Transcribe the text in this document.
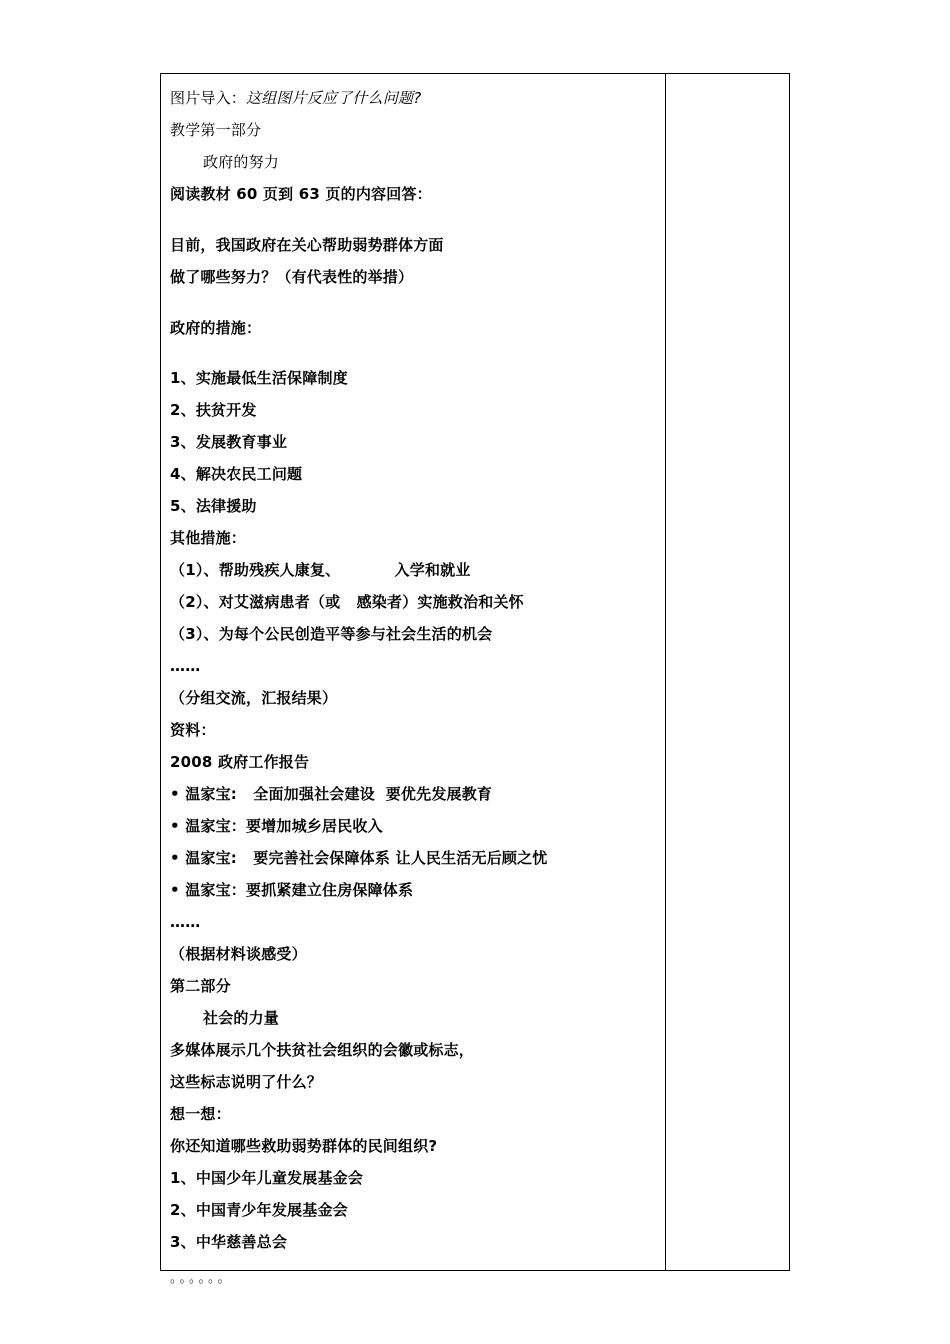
图片导入：这组图片反应了什么问题?
教学第一部分
政府的努力
阅读教材 60 页到 63 页的内容回答：
目前，我国政府在关心帮助弱势群体方面
做了哪些努力？（有代表性的举措）
政府的措施：
1、实施最低生活保障制度
2、扶贫开发
3、发展教育事业
4、解决农民工问题
5、法律援助
其他措施：
（1）、帮助残疾人康复、          入学和就业
（2）、对艾滋病患者（或   感染者）实施救治和关怀
（3）、为每个公民创造平等参与社会生活的机会
……
（分组交流，汇报结果）
资料：
2008 政府工作报告
• 温家宝:   全面加强社会建设  要优先发展教育
• 温家宝：要增加城乡居民收入
• 温家宝:   要完善社会保障体系 让人民生活无后顾之忧
• 温家宝：要抓紧建立住房保障体系
……
（根据材料谈感受）
第二部分
社会的力量
多媒体展示几个扶贫社会组织的会徽或标志，
这些标志说明了什么？
想一想：
你还知道哪些救助弱势群体的民间组织?
1、中国少年儿童发展基金会
2、中国青少年发展基金会
3、中华慈善总会
。。。。。。
